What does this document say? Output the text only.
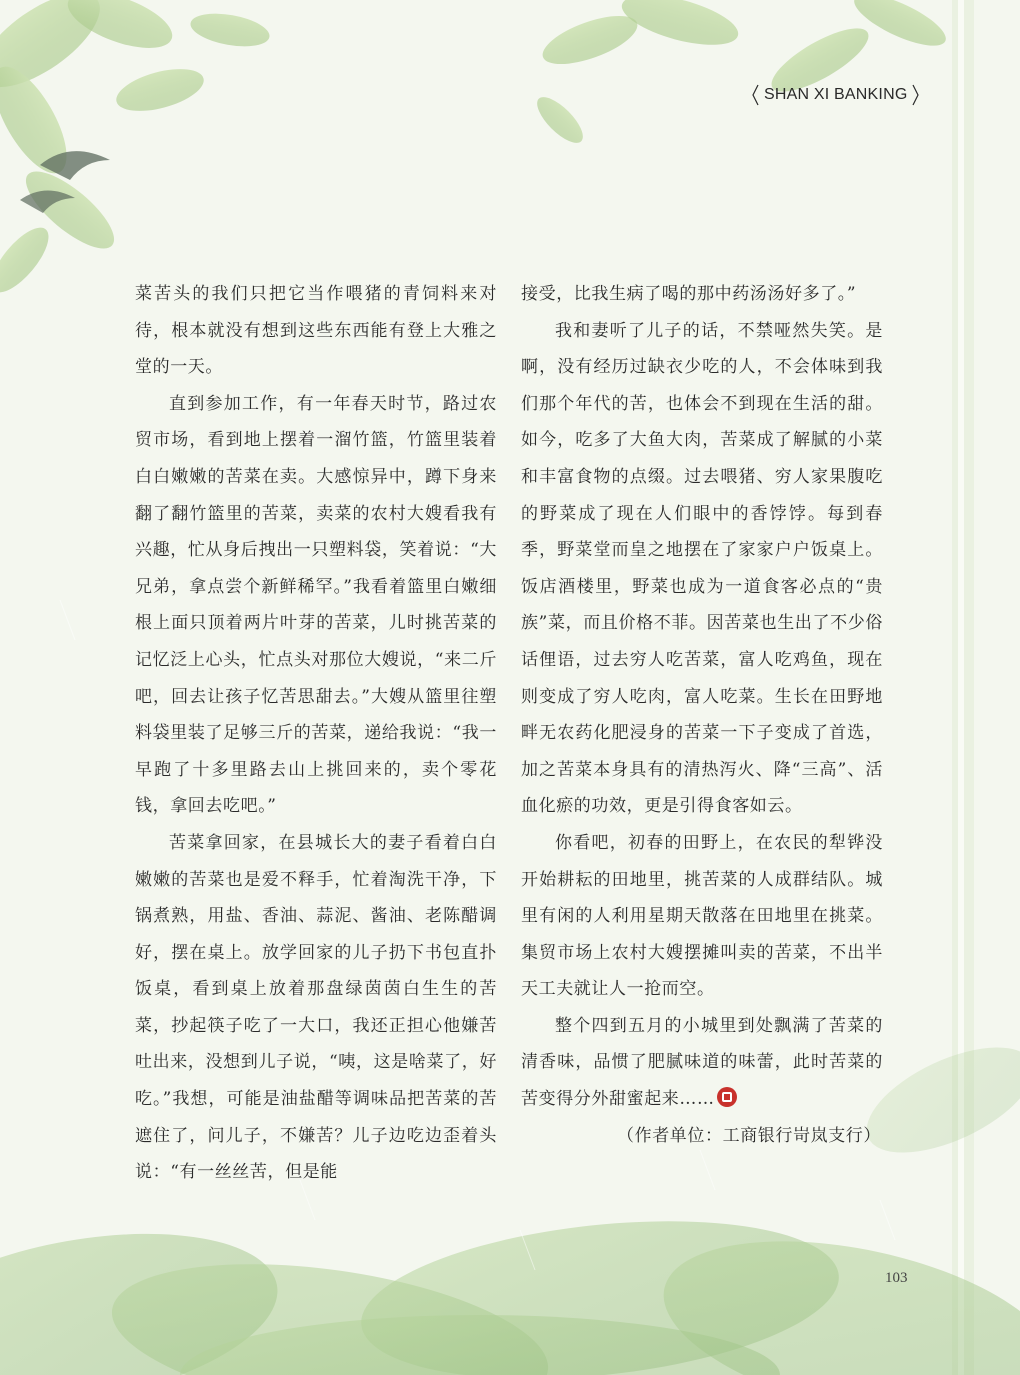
SHAN XI BANKING

菜苦头的我们只把它当作喂猪的青饲料来对待，根本就没有想到这些东西能有登上大雅之堂的一天。

直到参加工作，有一年春天时节，路过农贸市场，看到地上摆着一溜竹篮，竹篮里装着白白嫩嫩的苦菜在卖。大感惊异中，蹲下身来翻了翻竹篮里的苦菜，卖菜的农村大嫂看我有兴趣，忙从身后拽出一只塑料袋，笑着说：“大兄弟，拿点尝个新鲜稀罕。”我看着篮里白嫩细根上面只顶着两片叶芽的苦菜，儿时挑苦菜的记忆泛上心头，忙点头对那位大嫂说，“来二斤吧，回去让孩子忆苦思甜去。”大嫂从篮里往塑料袋里装了足够三斤的苦菜，递给我说：“我一早跑了十多里路去山上挑回来的，卖个零花钱，拿回去吃吧。”

苦菜拿回家，在县城长大的妻子看着白白嫩嫩的苦菜也是爱不释手，忙着淘洗干净，下锅煮熟，用盐、香油、蒜泥、酱油、老陈醋调好，摆在桌上。放学回家的儿子扔下书包直扑饭桌，看到桌上放着那盘绿茵茵白生生的苦菜，抄起筷子吃了一大口，我还正担心他嫌苦吐出来，没想到儿子说，“咦，这是啥菜了，好吃。”我想，可能是油盐醋等调味品把苦菜的苦遮住了，问儿子，不嫌苦？儿子边吃边歪着头说：“有一丝丝苦，但是能

接受，比我生病了喝的那中药汤汤好多了。”

我和妻听了儿子的话，不禁哑然失笑。是啊，没有经历过缺衣少吃的人，不会体味到我们那个年代的苦，也体会不到现在生活的甜。如今，吃多了大鱼大肉，苦菜成了解腻的小菜和丰富食物的点缀。过去喂猪、穷人家果腹吃的野菜成了现在人们眼中的香饽饽。每到春季，野菜堂而皇之地摆在了家家户户饭桌上。饭店酒楼里，野菜也成为一道食客必点的“贵族”菜，而且价格不菲。因苦菜也生出了不少俗话俚语，过去穷人吃苦菜，富人吃鸡鱼，现在则变成了穷人吃肉，富人吃菜。生长在田野地畔无农药化肥浸身的苦菜一下子变成了首选，加之苦菜本身具有的清热泻火、降“三高”、活血化瘀的功效，更是引得食客如云。

你看吧，初春的田野上，在农民的犁铧没开始耕耘的田地里，挑苦菜的人成群结队。城里有闲的人利用星期天散落在田地里在挑菜。集贸市场上农村大嫂摆摊叫卖的苦菜，不出半天工夫就让人一抢而空。

整个四到五月的小城里到处飘满了苦菜的清香味，品惯了肥腻味道的味蕾，此时苦菜的苦变得分外甜蜜起来……

（作者单位：工商银行岢岚支行）

103
